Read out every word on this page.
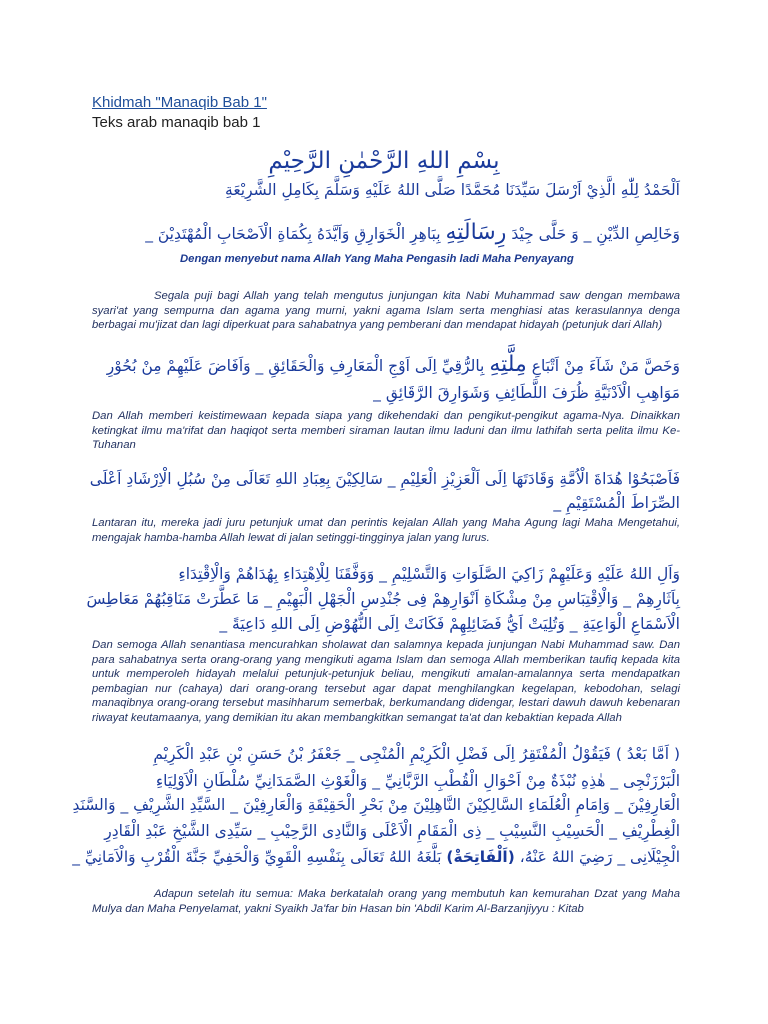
Khidmah "Manaqib Bab 1"
Teks arab manaqib bab 1
بِسْمِ اللهِ الرَّحْمٰنِ الرَّحِيْمِ
اَلْحَمْدُ لِلّٰهِ الَّذِيْ اَرْسَلَ سَيِّدَنَا مُحَمَّدًا صَلَّى اللهُ عَلَيْهِ وَسَلَّمَ بِكَامِلِ الشَّرِيْعَةِ
وَخَالِصِ الدِّيْنِ _ وَ حَلَّى جِيْدَ رِسَالَتِهِ بِبَاهِرِ الْخَوَارِقِ وَاَيَّدَهُ بِكُمَاةِ الْاَصْحَابِ الْمُهْتَدِيْنَ _
Dengan menyebut nama Allah Yang Maha Pengasih ladi Maha Penyayang

Segala puji bagi Allah yang telah mengutus junjungan kita Nabi Muhammad saw dengan membawa syari'at yang sempurna dan agama yang murni, yakni agama Islam serta menghiasi atas kerasulannya denga berbagai mu'jizat dan lagi diperkuat para sahabatnya yang pemberani dan mendapat hidayah (petunjuk dari Allah)

وَخَصَّ مَنْ شَآءَ مِنْ اَتْبَاعِ مِلَّتِهِ بِالرُّقِيِّ اِلَى اَوْجِ الْمَعَارِفِ وَالْحَقَائِقِ _ وَاَفَاضَ عَلَيْهِمْ مِنْ بُحُوْرِ
مَوَاهِبِ الْاَدْنَيَّةِ ظُرَفَ اللَّطَائِفِ وَشَوَارِقَ الرَّقَائِقِ _

Dan Allah memberi keistimewaan kepada siapa yang dikehendaki dan pengikut-pengikut agama-Nya. Dinaikkan ketingkat ilmu ma'rifat dan haqiqot serta memberi siraman lautan ilmu laduni dan ilmu lathifah serta pelita ilmu Ke-Tuhanan

فَاَصْبَحُوْا هُدَاةَ الْاُمَّةِ وَقَادَتَهَا اِلَى اَلْعَزِيْزِ الْعَلِيْمِ _ سَالِكِيْنَ بِعِبَادِ اللهِ تَعَالَى مِنْ سُبُلِ الْاِرْشَادِ اَعْلَى
الصِّرَاطَ الْمُسْتَقِيْمِ _

Lantaran itu, mereka jadi juru petunjuk umat dan perintis kejalan Allah yang Maha Agung lagi Maha Mengetahui, mengajak hamba-hamba Allah lewat di jalan setinggi-tingginya jalan yang lurus.

وَاَلِ اللهُ عَلَيْهِ وَعَلَيْهِمْ زَاكِيَ الصَّلَوَاتِ وَالتَّسْلِيْمِ _ وَوَفَّقَنَا لِلْاِهْتِدَاءِ بِهُدَاهُمْ وَالْاِقْتِدَاءِ
بِاَثَارِهِمْ _ وَالْاِقْتِبَاسِ مِنْ مِشْكَاةِ اَنْوَارِهِمْ فِى جُنْدِسِ الْجَهْلِ الْبَهِيْمِ _ مَا عَطَّرَتْ مَنَاقِبُهُمْ مَعَاطِسَ
الْاَسْمَاعِ الْوَاعِيَةِ _ وَتُلِيَتْ اَيُّ فَضَائِلِهِمْ فَكَانَتْ اِلَى النُّهُوْضِ اِلَى اللهِ دَاعِيَةً _

Dan semoga Allah senantiasa mencurahkan sholawat dan salamnya kepada junjungan Nabi Muhammad saw. Dan para sahabatnya serta orang-orang yang mengikuti agama Islam dan semoga Allah memberikan taufiq kepada kita untuk memperoleh hidayah melalui petunjuk-petunjuk beliau, mengikuti amalan-amalannya serta mendapatkan pembagian nur (cahaya) dari orang-orang tersebut agar dapat menghilangkan kegelapan, kebodohan, selagi manaqibnya orang-orang tersebut masihharum semerbak, berkumandang didengar, lestari dawuh dawuh kebenaran riwayat keutamaanya, yang demikian itu akan membangkitkan semangat ta'at dan kebaktian kepada Allah

( اَمَّا بَعْدُ ) فَيَقُوْلُ الْمُفْتَقِرُ اِلَى فَضْلِ الْكَرِيْمِ الْمُنْجِى _ جَعْفَرُ بْنُ حَسَنِ بْنِ عَبْدِ الْكَرِيْمِ
الْبَرْزَنْجِى _ هٰذِهِ نُبْذَةٌ مِنْ اَحْوَالِ الْقُطْبِ الرَّبَّانِيِّ _ وَالْغَوْثِ الصَّمَدَانِيِّ سُلْطَانِ الْاَوْلِيَاءِ
الْعَارِفِيْنَ _ وَاِمَامِ الْعُلَمَاءِ السَّالِكِيْنَ النَّاهِلِيْنَ مِنْ بَحْرِ الْحَقِيْقَةِ وَالْعَارِفِيْنَ _ السَّيِّدِ الشَّرِيْفِ _ وَالسَّنَدِ
الْغِطْرِيْفِ _ الْحَسِيْبِ النَّسِيْبِ _ ذِى الْمَقَامِ الْاَعْلَى وَالنَّادِى الرَّحِيْبِ _ سَيِّدِى الشَّيْخِ عَبْدِ الْقَادِرِ
الْجِيْلَانِى _ رَضِيَ اللهُ عَنْهُ، (اَلْفَاتِحَةْ) بَلَّغَهُ اللهُ تَعَالَى بِنَفْسِهِ الْقَوِيِّ وَالْحَفِيِّ جَنَّةَ الْقُرْبِ وَالْاَمَانِيِّ _

Adapun setelah itu semua: Maka berkatalah orang yang membutuh kan kemurahan Dzat yang Maha Mulya dan Maha Penyelamat, yakni Syaikh Ja'far bin Hasan bin 'Abdil Karim Al-Barzanjiyyu : Kitab
